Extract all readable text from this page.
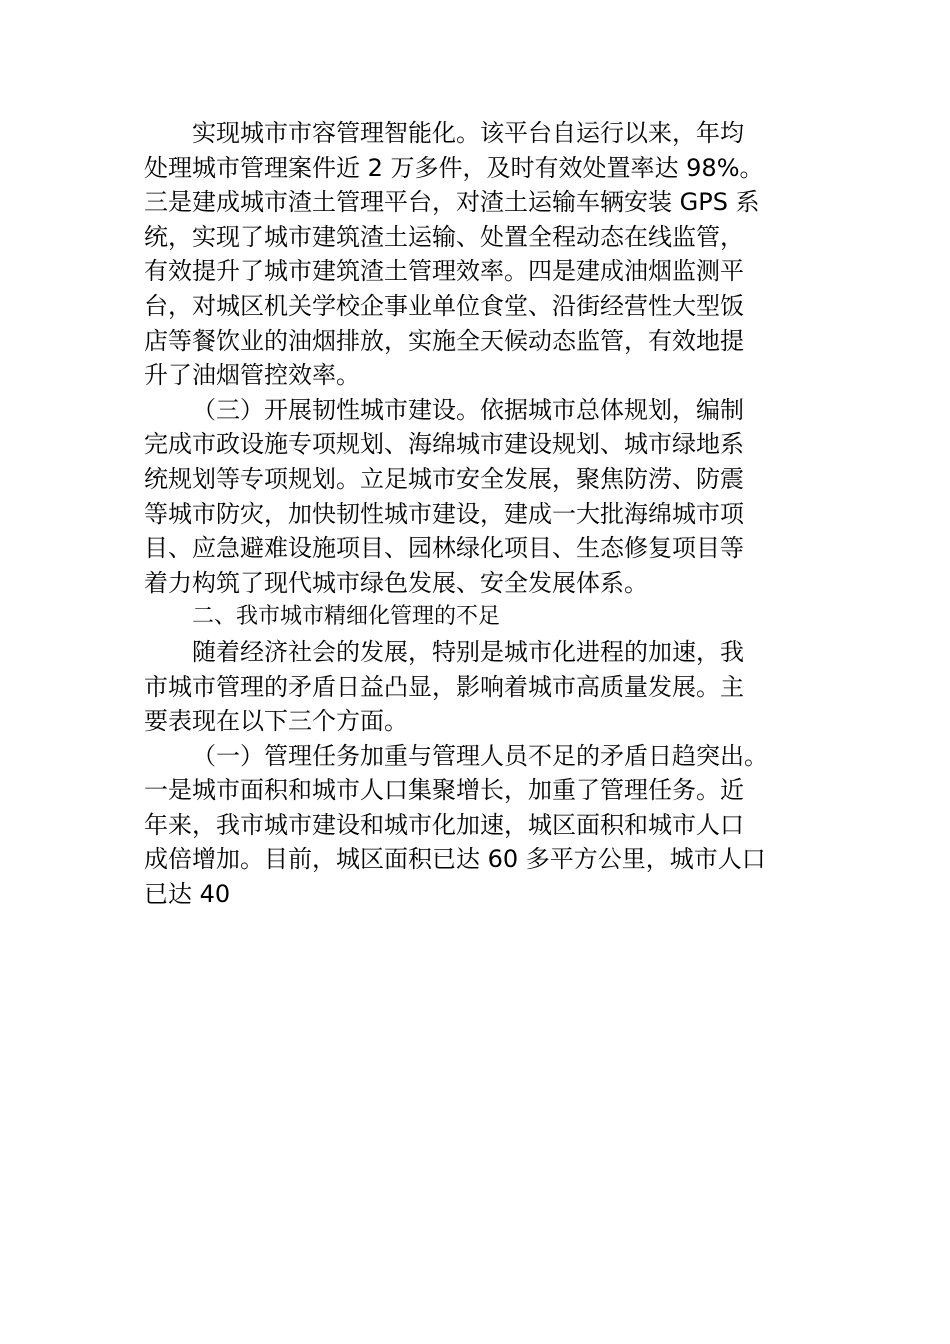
实现城市市容管理智能化。该平台自运行以来，年均
处理城市管理案件近 2 万多件，及时有效处置率达 98%。
三是建成城市渣土管理平台，对渣土运输车辆安装 GPS 系
统，实现了城市建筑渣土运输、处置全程动态在线监管，
有效提升了城市建筑渣土管理效率。四是建成油烟监测平
台，对城区机关学校企事业单位食堂、沿街经营性大型饭
店等餐饮业的油烟排放，实施全天候动态监管，有效地提
升了油烟管控效率。
（三）开展韧性城市建设。依据城市总体规划，编制
完成市政设施专项规划、海绵城市建设规划、城市绿地系
统规划等专项规划。立足城市安全发展，聚焦防涝、防震
等城市防灾，加快韧性城市建设，建成一大批海绵城市项
目、应急避难设施项目、园林绿化项目、生态修复项目等
着力构筑了现代城市绿色发展、安全发展体系。
二、我市城市精细化管理的不足
随着经济社会的发展，特别是城市化进程的加速，我
市城市管理的矛盾日益凸显，影响着城市高质量发展。主
要表现在以下三个方面。
（一）管理任务加重与管理人员不足的矛盾日趋突出。
一是城市面积和城市人口集聚增长，加重了管理任务。近
年来，我市城市建设和城市化加速，城区面积和城市人口
成倍增加。目前，城区面积已达 60 多平方公里，城市人口
已达 40
